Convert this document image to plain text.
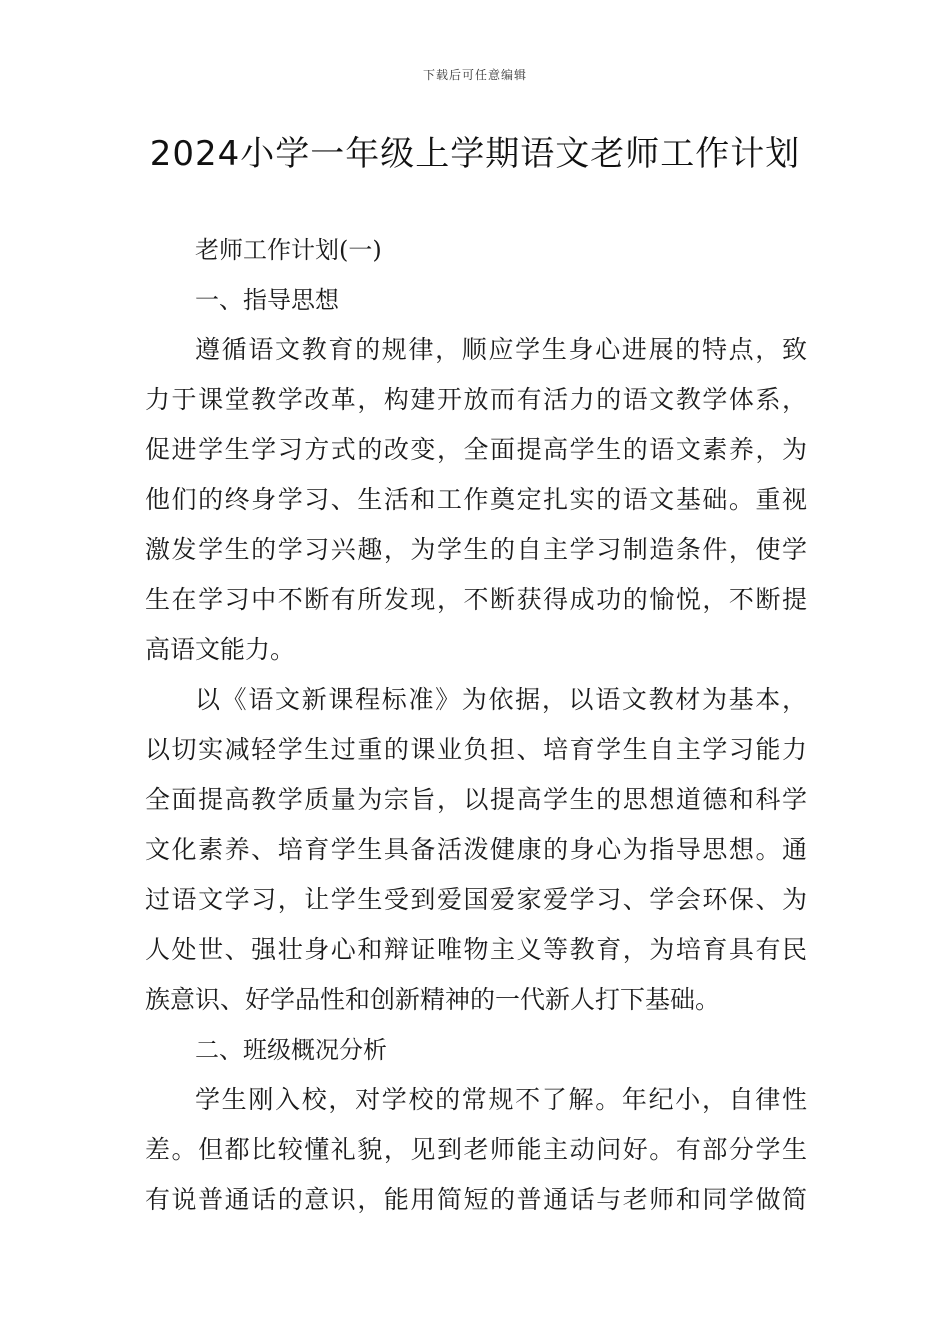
下载后可任意编辑
2024小学一年级上学期语文老师工作计划
老师工作计划(一)
一、指导思想
遵循语文教育的规律，顺应学生身心进展的特点，致
力于课堂教学改革，构建开放而有活力的语文教学体系，
促进学生学习方式的改变，全面提高学生的语文素养，为
他们的终身学习、生活和工作奠定扎实的语文基础。重视
激发学生的学习兴趣，为学生的自主学习制造条件，使学
生在学习中不断有所发现，不断获得成功的愉悦，不断提
高语文能力。
以《语文新课程标准》为依据，以语文教材为基本，
以切实减轻学生过重的课业负担、培育学生自主学习能力
全面提高教学质量为宗旨，以提高学生的思想道德和科学
文化素养、培育学生具备活泼健康的身心为指导思想。通
过语文学习，让学生受到爱国爱家爱学习、学会环保、为
人处世、强壮身心和辩证唯物主义等教育，为培育具有民
族意识、好学品性和创新精神的一代新人打下基础。
二、班级概况分析
学生刚入校，对学校的常规不了解。年纪小，自律性
差。但都比较懂礼貌，见到老师能主动问好。有部分学生
有说普通话的意识，能用简短的普通话与老师和同学做简
